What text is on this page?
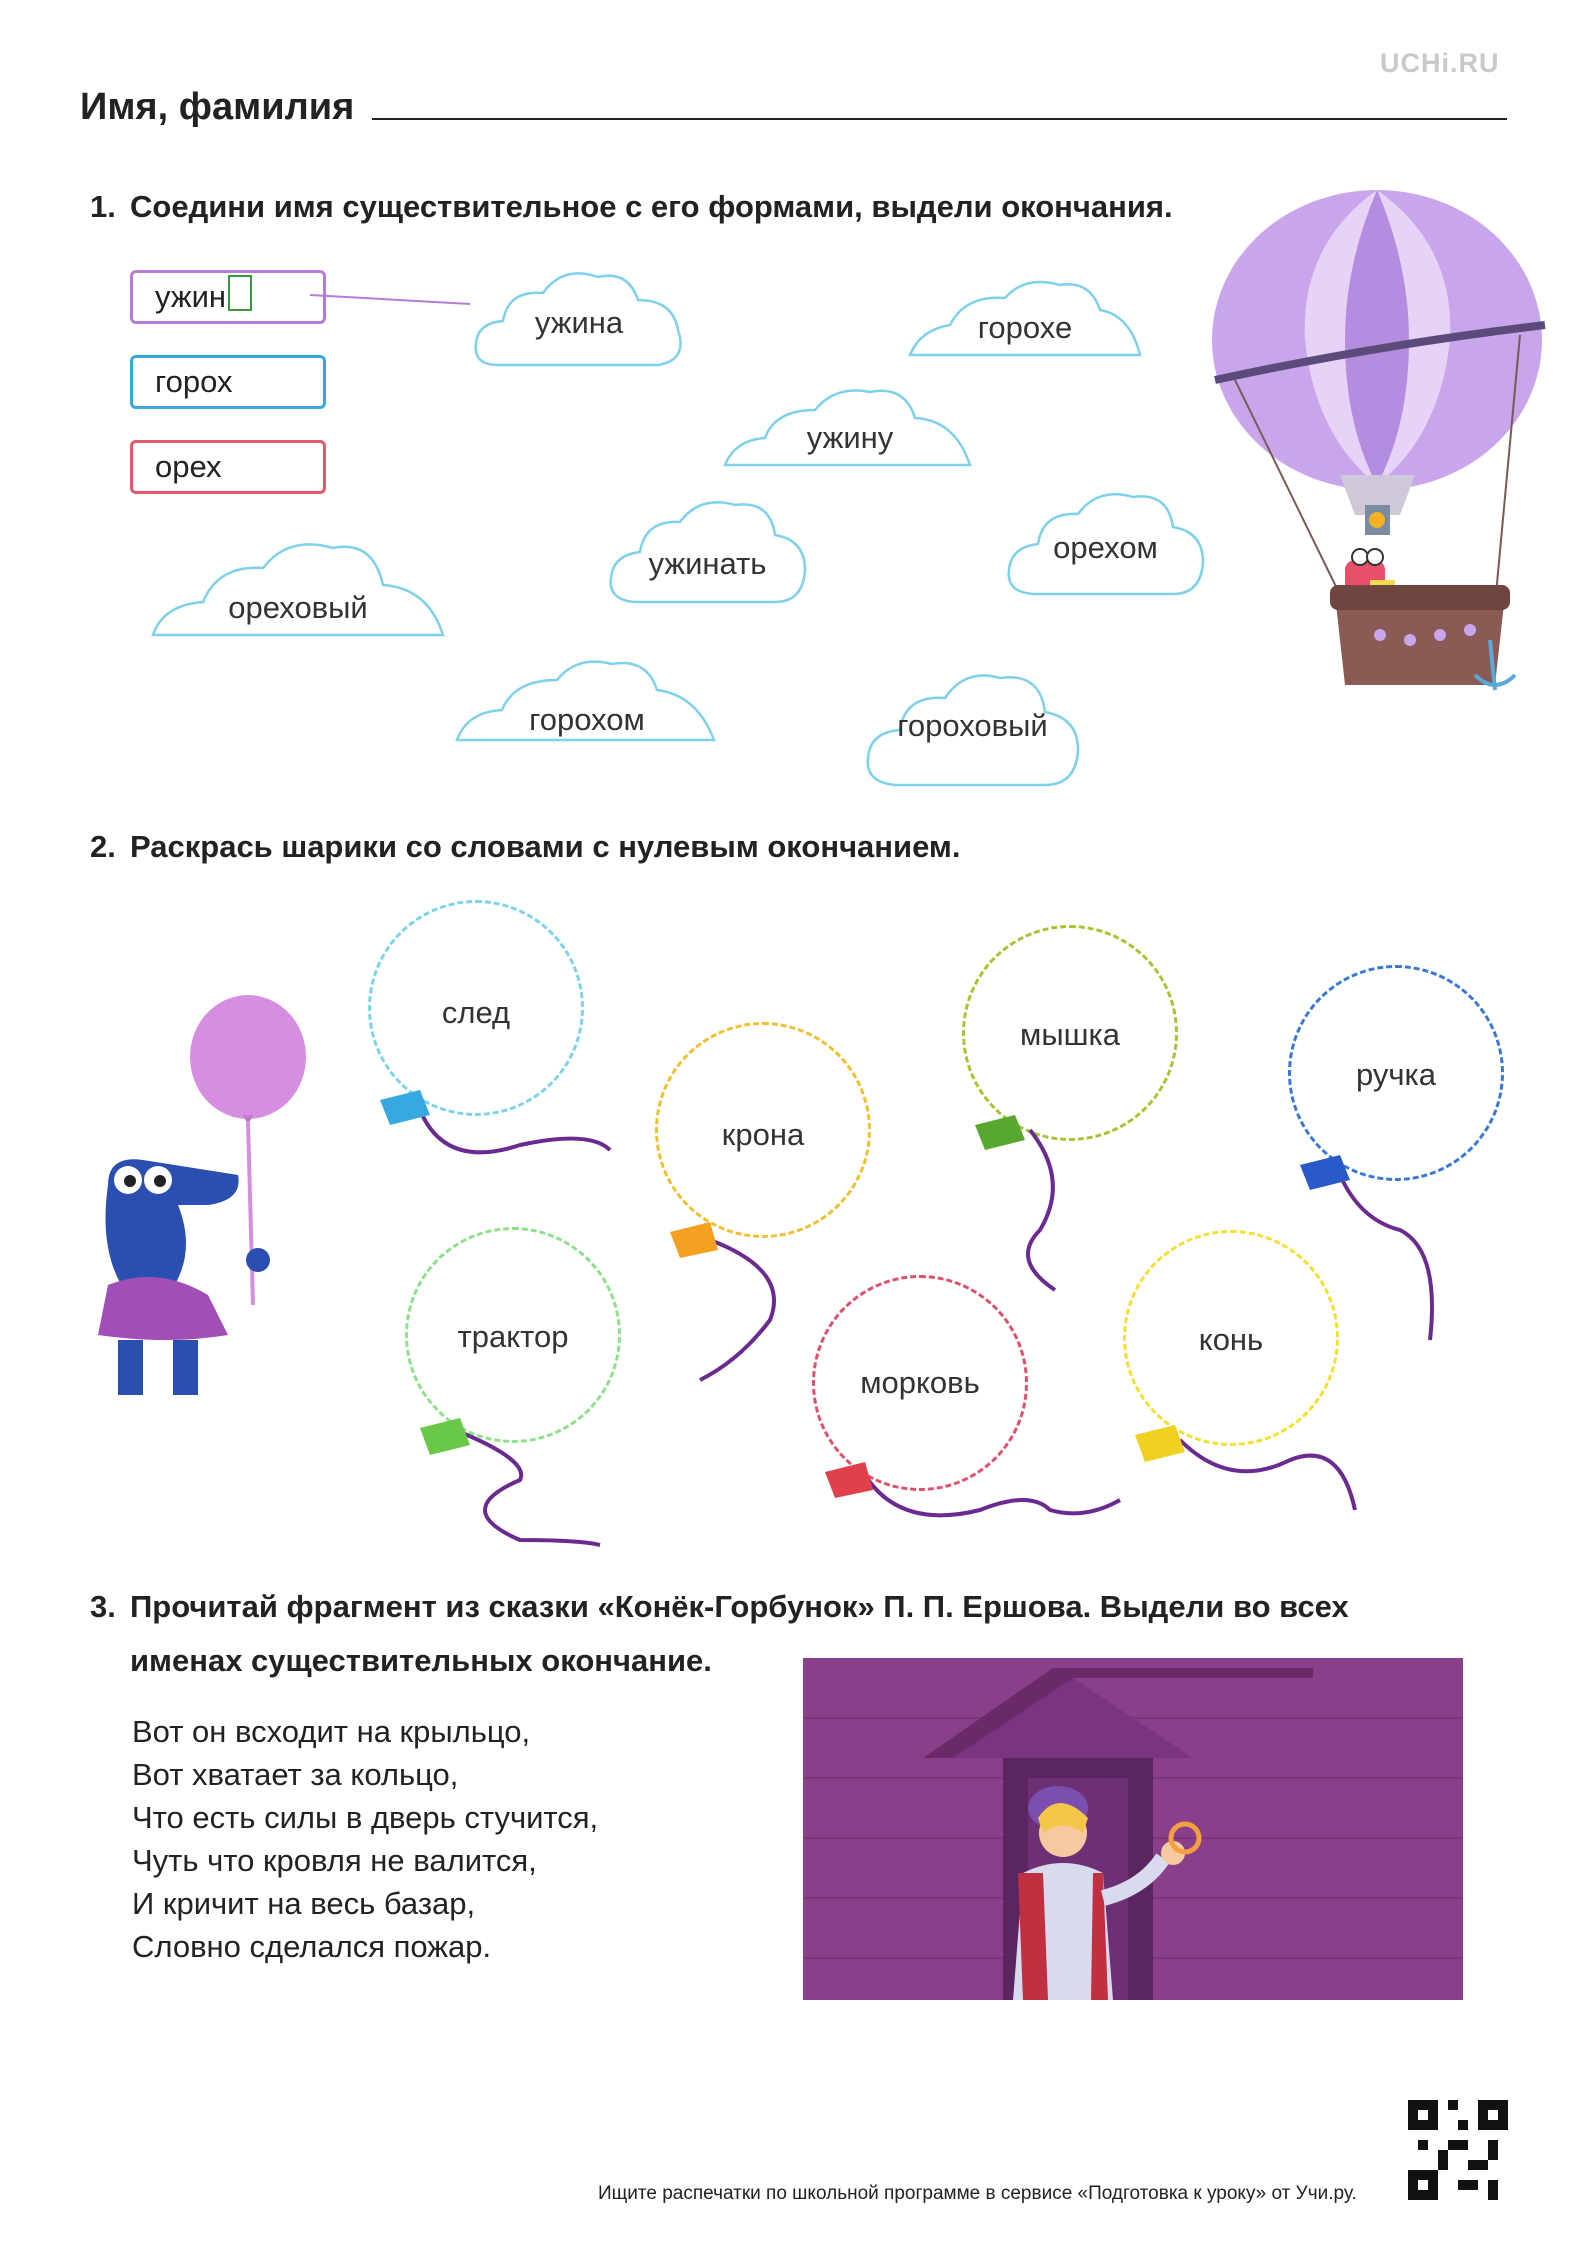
UCHi.RU
Имя, фамилия
1. Соедини имя существительное с его формами, выдели окончания.
ужин
горох
орех
ужина	горохе
ужину
орехом
ужинать
ореховый
горохом	гороховый
2. Раскрась шарики со словами с нулевым окончанием.
след
крона
мышка
ручка
трактор
морковь
конь
3. Прочитай фрагмент из сказки «Конёк-Горбунок» П. П. Ершова. Выдели во всех
именах существительных окончание.
Вот он всходит на крыльцо,
Вот хватает за кольцо,
Что есть силы в дверь стучится,
Чуть что кровля не валится,
И кричит на весь базар,
Словно сделался пожар.
Ищите распечатки по школьной программе в сервисе «Подготовка к уроку» от Учи.ру.
